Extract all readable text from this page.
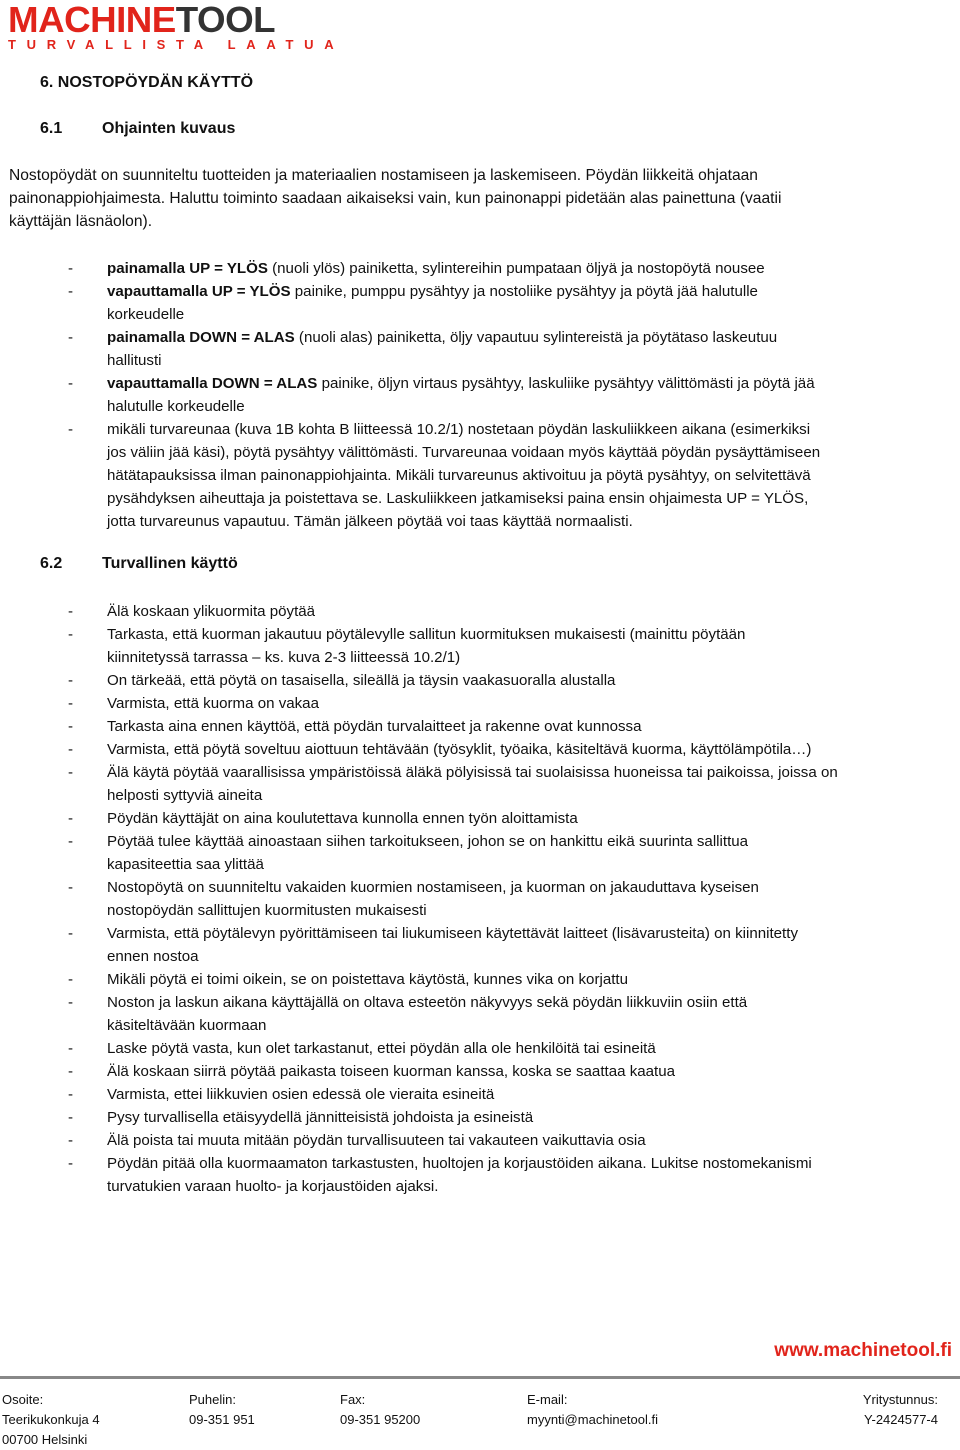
MACHINETOOL
TURVALLISTA LAATUA
6. NOSTOPÖYDÄN KÄYTTÖ
6.1 Ohjainten kuvaus
Nostopöydät on suunniteltu tuotteiden ja materiaalien nostamiseen ja laskemiseen. Pöydän liikkeitä ohjataan
painonappiohjaimesta. Haluttu toiminto saadaan aikaiseksi vain, kun painonappi pidetään alas painettuna (vaatii
käyttäjän läsnäolon).
- painamalla UP = YLÖS (nuoli ylös) painiketta, sylintereihin pumpataan öljyä ja nostopöytä nousee
- vapauttamalla UP = YLÖS painike, pumppu pysähtyy ja nostoliike pysähtyy ja pöytä jää halutulle
korkeudelle
- painamalla DOWN = ALAS (nuoli alas) painiketta, öljy vapautuu sylintereistä ja pöytätaso laskeutuu
hallitusti
- vapauttamalla DOWN = ALAS painike, öljyn virtaus pysähtyy, laskuliike pysähtyy välittömästi ja pöytä jää
halutulle korkeudelle
- mikäli turvareunaa (kuva 1B kohta B liitteessä 10.2/1) nostetaan pöydän laskuliikkeen aikana (esimerkiksi
jos väliin jää käsi), pöytä pysähtyy välittömästi. Turvareunaa voidaan myös käyttää pöydän pysäyttämiseen
hätätapauksissa ilman painonappiohjainta. Mikäli turvareunus aktivoituu ja pöytä pysähtyy, on selvitettävä
pysähdyksen aiheuttaja ja poistettava se. Laskuliikkeen jatkamiseksi paina ensin ohjaimesta UP = YLÖS,
jotta turvareunus vapautuu. Tämän jälkeen pöytää voi taas käyttää normaalisti.
6.2 Turvallinen käyttö
- Älä koskaan ylikuormita pöytää
- Tarkasta, että kuorman jakautuu pöytälevylle sallitun kuormituksen mukaisesti (mainittu pöytään
kiinnitetyssä tarrassa – ks. kuva 2-3 liitteessä 10.2/1)
- On tärkeää, että pöytä on tasaisella, sileällä ja täysin vaakasuoralla alustalla
- Varmista, että kuorma on vakaa
- Tarkasta aina ennen käyttöä, että pöydän turvalaitteet ja rakenne ovat kunnossa
- Varmista, että pöytä soveltuu aiottuun tehtävään (työsyklit, työaika, käsiteltävä kuorma, käyttölämpötila…)
- Älä käytä pöytää vaarallisissa ympäristöissä äläkä pölyisissä tai suolaisissa huoneissa tai paikoissa, joissa on
helposti syttyviä aineita
- Pöydän käyttäjät on aina koulutettava kunnolla ennen työn aloittamista
- Pöytää tulee käyttää ainoastaan siihen tarkoitukseen, johon se on hankittu eikä suurinta sallittua
kapasiteettia saa ylittää
- Nostopöytä on suunniteltu vakaiden kuormien nostamiseen, ja kuorman on jakauduttava kyseisen
nostopöydän sallittujen kuormitusten mukaisesti
- Varmista, että pöytälevyn pyörittämiseen tai liukumiseen käytettävät laitteet (lisävarusteita) on kiinnitetty
ennen nostoa
- Mikäli pöytä ei toimi oikein, se on poistettava käytöstä, kunnes vika on korjattu
- Noston ja laskun aikana käyttäjällä on oltava esteetön näkyvyys sekä pöydän liikkuviin osiin että
käsiteltävään kuormaan
- Laske pöytä vasta, kun olet tarkastanut, ettei pöydän alla ole henkilöitä tai esineitä
- Älä koskaan siirrä pöytää paikasta toiseen kuorman kanssa, koska se saattaa kaatua
- Varmista, ettei liikkuvien osien edessä ole vieraita esineitä
- Pysy turvallisella etäisyydellä jännitteisistä johdoista ja esineistä
- Älä poista tai muuta mitään pöydän turvallisuuteen tai vakauteen vaikuttavia osia
- Pöydän pitää olla kuormaamaton tarkastusten, huoltojen ja korjaustöiden aikana. Lukitse nostomekanismi
turvatukien varaan huolto- ja korjaustöiden ajaksi.
www.machinetool.fi
Osoite:
Teerikukonkuja 4
00700 Helsinki
Puhelin:
09-351 951
Fax:
09-351 95200
E-mail:
myynti@machinetool.fi
Yritystunnus:
Y-2424577-4
